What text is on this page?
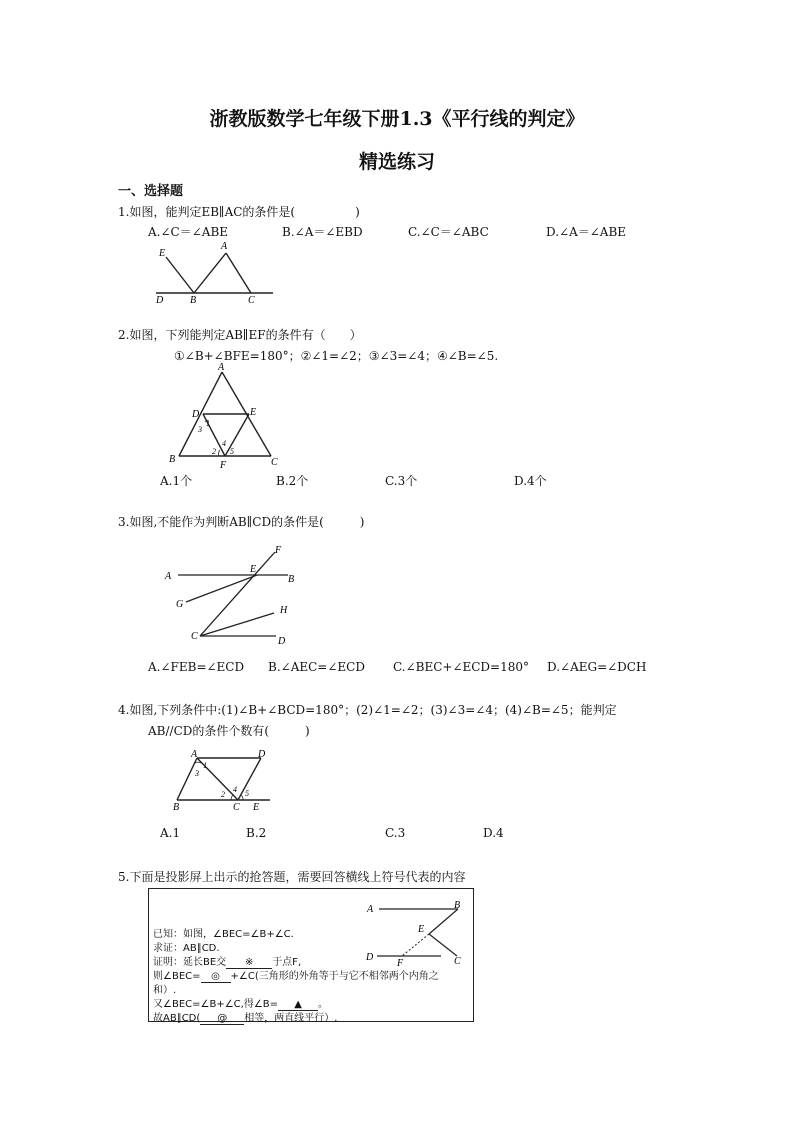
浙教版数学七年级下册1.3《平行线的判定》
精选练习
一、选择题
1.如图，能判定EB∥AC的条件是(　　　　　)
A.∠C＝∠ABE	B.∠A＝∠EBD	C.∠C＝∠ABC	D.∠A＝∠ABE
E
A
D	B	C
2.如图，下列能判定AB∥EF的条件有（　　）
①∠B+∠BFE=180°；②∠1=∠2；③∠3=∠4；④∠B=∠5.
A
D	E
B
F	C
1
3
4
2 5
A.1个	B.2个	C.3个	D.4个
3.如图,不能作为判断AB∥CD的条件是(　　　)
F
A
E
B
G
H
C	D
A.∠FEB=∠ECD B.∠AEC=∠ECD C.∠BEC+∠ECD=180° D.∠AEG=∠DCH
4.如图,下列条件中:(1)∠B+∠BCD=180°；(2)∠1=∠2；(3)∠3=∠4；(4)∠B=∠5；能判定
AB//CD的条件个数有(　　　)
A	D
1
3
2
4 5
B	C E
A.1	B.2	C.3	D.4
5.下面是投影屏上出示的抢答题，需要回答横线上符号代表的内容
已知：如图，∠BEC=∠B+∠C.
求证：AB∥CD.
证明：延长BE交 ※ 于点F,
则∠BEC= ◎ +∠C(三角形的外角等于与它不相邻两个内角之
和）.
又∠BEC=∠B+∠C,得∠B= ▲ 。
故AB∥CD( @ 相等，两直线平行）.
A	B
E
D
F	C
